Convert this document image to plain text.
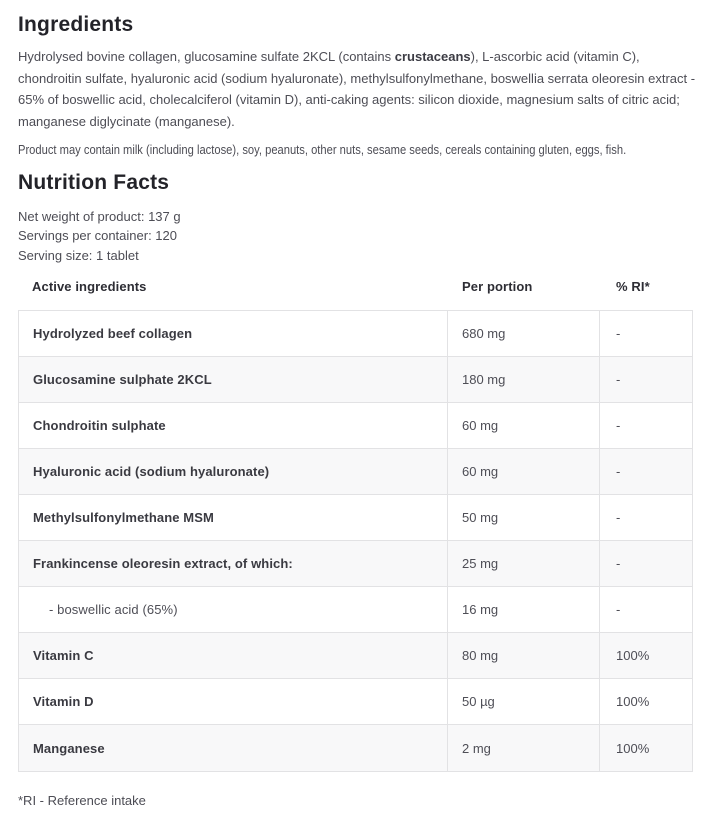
Ingredients

Hydrolysed bovine collagen, glucosamine sulfate 2KCL (contains crustaceans), L-ascorbic acid (vitamin C), chondroitin sulfate, hyaluronic acid (sodium hyaluronate), methylsulfonylmethane, boswellia serrata oleoresin extract - 65% of boswellic acid, cholecalciferol (vitamin D), anti-caking agents: silicon dioxide, magnesium salts of citric acid; manganese diglycinate (manganese).

Product may contain milk (including lactose), soy, peanuts, other nuts, sesame seeds, cereals containing gluten, eggs, fish.

Nutrition Facts
Net weight of product: 137 g
Servings per container: 120
Serving size: 1 tablet
Active ingredients	Per portion	% RI*
Hydrolyzed beef collagen	680 mg	-
Glucosamine sulphate 2KCL	180 mg	-
Chondroitin sulphate	60 mg	-
Hyaluronic acid (sodium hyaluronate)	60 mg	-
Methylsulfonylmethane MSM	50 mg	-
Frankincense oleoresin extract, of which:	25 mg	-
- boswellic acid (65%)	16 mg	-
Vitamin C	80 mg	100%
Vitamin D	50 µg	100%
Manganese	2 mg	100%
*RI - Reference intake
